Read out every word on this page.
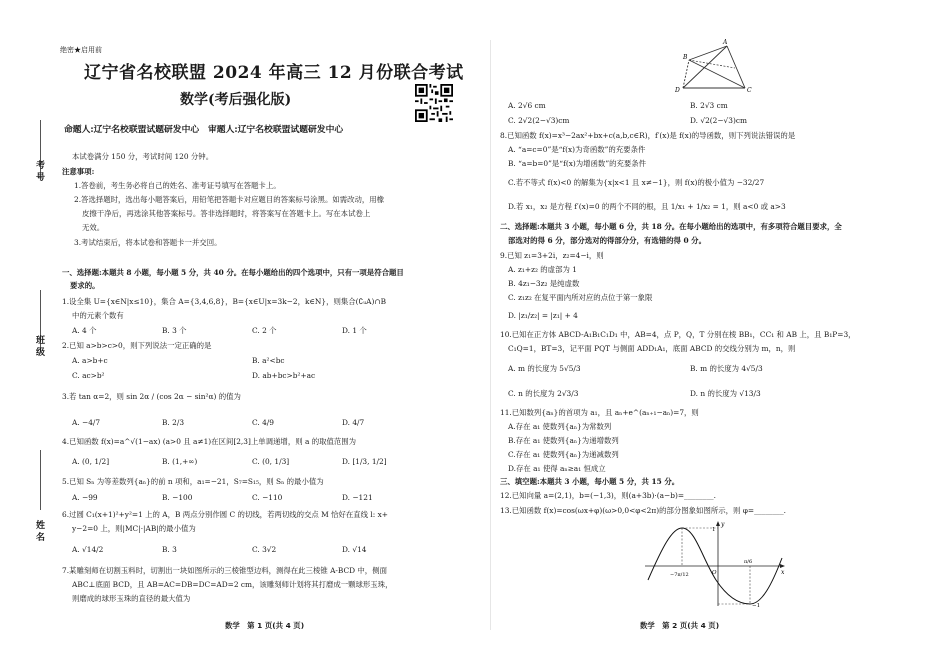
考号
班级
姓名
绝密★启用前
辽宁省名校联盟 2024 年高三 12 月份联合考试
数学(考后强化版)
命题人:辽宁名校联盟试题研发中心　审题人:辽宁名校联盟试题研发中心
本试卷满分 150 分，考试时间 120 分钟。
注意事项:
1.答卷前，考生务必将自己的姓名、准考证号填写在答题卡上。
2.答选择题时，选出每小题答案后，用铅笔把答题卡对应题目的答案标号涂黑。如需改动，用橡
皮擦干净后，再选涂其他答案标号。答非选择题时，将答案写在答题卡上。写在本试卷上
无效。
3.考试结束后，将本试卷和答题卡一并交回。
一、选择题:本题共 8 小题，每小题 5 分，共 40 分。在每小题给出的四个选项中，只有一项是符合题目
要求的。
1.设全集 U={x∈N|x≤10}，集合 A={3,4,6,8}，B={x∈U|x=3k−2，k∈N}，则集合(∁ᵤA)∩B
中的元素个数有
A. 4 个	B. 3 个	C. 2 个	D. 1 个
2.已知 a>b>c>0，则下列说法一定正确的是
A. a>b+c	B. a²<bc
C. ac>b²	D. ab+bc>b²+ac
3.若 tan α=2，则 sin 2α / (cos 2α − sin²α) 的值为
A. −4/7	B. 2/3	C. 4/9	D. 4/7
4.已知函数 f(x)=a^√(1−ax) (a>0 且 a≠1)在区间[2,3]上单调递增，则 a 的取值范围为
A. (0, 1/2]	B. (1,+∞)	C. (0, 1/3]	D. [1/3, 1/2]
5.已知 Sₙ 为等差数列{aₙ}的前 n 项和，a₁=−21，S₇=S₁₅，则 Sₙ 的最小值为
A. −99	B. −100	C. −110	D. −121
6.过圆 C₁(x+1)²+y²=1 上的 A，B 两点分别作圆 C 的切线，若两切线的交点 M 恰好在直线 l: x+
y−2=0 上，则|MC|·|AB|的最小值为
A. √14/2	B. 3	C. 3√2	D. √14
7.某雕刻师在切割玉料时，切割出一块如图所示的三棱锥型边料，测得在此三棱锥 A-BCD 中，侧面
ABC⊥底面 BCD，且 AB=AC=DB=DC=AD=2 cm，该雕刻师计划将其打磨成一颗球形玉珠，
则磨成的球形玉珠的直径的最大值为
数学　第 1 页(共 4 页)
A
B
C
D
A. 2√6 cm	B. 2√3 cm
C. 2√2(2−√3)cm	D. √2(2−√3)cm
8.已知函数 f(x)=x³−2ax²+bx+c(a,b,c∈R)，f′(x)是 f(x)的导函数，则下列说法错误的是
A. “a=c=0”是“f(x)为奇函数”的充要条件
B. “a=b=0”是“f(x)为增函数”的充要条件
C.若不等式 f(x)<0 的解集为{x|x<1 且 x≠−1}，则 f(x)的极小值为 −32/27
D.若 x₁，x₂ 是方程 f′(x)=0 的两个不同的根，且 1/x₁ + 1/x₂ = 1，则 a<0 或 a>3
二、选择题:本题共 3 小题，每小题 6 分，共 18 分。在每小题给出的选项中，有多项符合题目要求，全
部选对的得 6 分，部分选对的得部分分，有选错的得 0 分。
9.已知 z₁=3+2i，z₂=4−i，则
A. z₁+z₂ 的虚部为 1
B. 4z₁−3z₂ 是纯虚数
C. z₁z₂ 在复平面内所对应的点位于第一象限
D. |z₁/z₂| = |z₁| + 4
10.已知在正方体 ABCD-A₁B₁C₁D₁ 中，AB=4，点 P，Q，T 分别在棱 BB₁，CC₁ 和 AB 上，且 B₁P=3，
C₁Q=1，BT=3，记平面 PQT 与侧面 ADD₁A₁，底面 ABCD 的交线分别为 m，n，则
A. m 的长度为 5√5/3	B. m 的长度为 4√5/3
C. n 的长度为 2√3/3	D. n 的长度为 √13/3
11.已知数列{aₙ}的首项为 a₁，且 aₙ+e^(aₙ₊₁−aₙ)=7，则
A.存在 a₁ 使数列{aₙ}为常数列
B.存在 a₁ 使数列{aₙ}为递增数列
C.存在 a₁ 使数列{aₙ}为递减数列
D.存在 a₁ 使得 aₙ≥a₁ 恒成立
三、填空题:本题共 3 小题，每小题 5 分，共 15 分。
12.已知向量 a=(2,1)，b=(−1,3)，则(a+3b)·(a−b)=________.
13.已知函数 f(x)=cos(ωx+φ)(ω>0,0<φ<2π)的部分图象如图所示，则 φ=________.
y
x
1
−1
O
−7π/12
π/6
数学　第 2 页(共 4 页)
